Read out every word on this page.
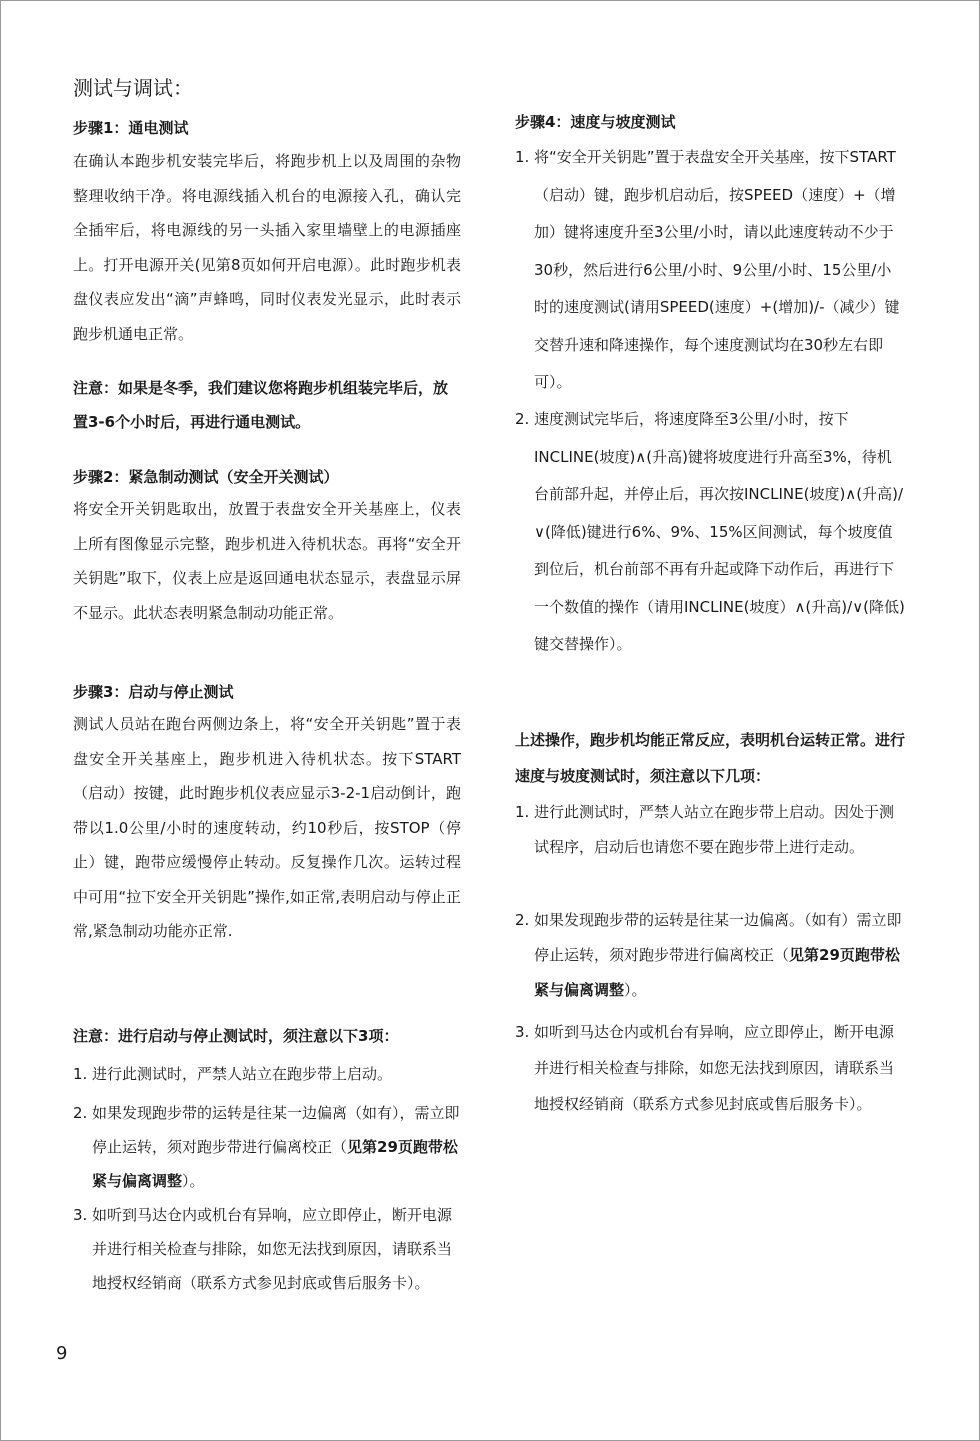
测试与调试：
步骤1：通电测试

在确认本跑步机安装完毕后，将跑步机上以及周围的杂物整理收纳干净。将电源线插入机台的电源接入孔，确认完全插牢后，将电源线的另一头插入家里墙壁上的电源插座上。打开电源开关(见第8页如何开启电源）。此时跑步机表盘仪表应发出“滴”声蜂鸣，同时仪表发光显示，此时表示跑步机通电正常。

注意：如果是冬季，我们建议您将跑步机组装完毕后，放置3-6个小时后，再进行通电测试。

步骤2：紧急制动测试（安全开关测试）

将安全开关钥匙取出，放置于表盘安全开关基座上，仪表上所有图像显示完整，跑步机进入待机状态。再将“安全开关钥匙”取下，仪表上应是返回通电状态显示，表盘显示屏不显示。此状态表明紧急制动功能正常。

步骤3：启动与停止测试

测试人员站在跑台两侧边条上，将“安全开关钥匙”置于表盘安全开关基座上，跑步机进入待机状态。按下START（启动）按键，此时跑步机仪表应显示3-2-1启动倒计，跑带以1.0公里/小时的速度转动，约10秒后，按STOP（停止）键，跑带应缓慢停止转动。反复操作几次。运转过程中可用“拉下安全开关钥匙”操作,如正常,表明启动与停止正常,紧急制动功能亦正常.

注意：进行启动与停止测试时，须注意以下3项：
1. 进行此测试时，严禁人站立在跑步带上启动。
2. 如果发现跑步带的运转是往某一边偏离（如有），需立即停止运转，须对跑步带进行偏离校正（见第29页跑带松紧与偏离调整）。
3. 如听到马达仓内或机台有异响，应立即停止，断开电源并进行相关检查与排除，如您无法找到原因，请联系当地授权经销商（联系方式参见封底或售后服务卡）。
步骤4：速度与坡度测试
1. 将“安全开关钥匙”置于表盘安全开关基座，按下START（启动）键，跑步机启动后，按SPEED（速度）+（增加）键将速度升至3公里/小时，请以此速度转动不少于30秒，然后进行6公里/小时、9公里/小时、15公里/小时的速度测试(请用SPEED(速度）+(增加)/-（减少）键交替升速和降速操作，每个速度测试均在30秒左右即可）。
2. 速度测试完毕后，将速度降至3公里/小时，按下INCLINE(坡度)∧(升高)键将坡度进行升高至3%，待机台前部升起，并停止后，再次按INCLINE(坡度)∧(升高)/∨(降低)键进行6%、9%、15%区间测试，每个坡度值到位后，机台前部不再有升起或降下动作后，再进行下一个数值的操作（请用INCLINE(坡度）∧(升高)/∨(降低)键交替操作）。

上述操作，跑步机均能正常反应，表明机台运转正常。进行速度与坡度测试时，须注意以下几项：

1. 进行此测试时，严禁人站立在跑步带上启动。因处于测试程序，启动后也请您不要在跑步带上进行走动。
2. 如果发现跑步带的运转是往某一边偏离。（如有）需立即停止运转，须对跑步带进行偏离校正（见第29页跑带松紧与偏离调整）。
3. 如听到马达仓内或机台有异响，应立即停止，断开电源并进行相关检查与排除，如您无法找到原因，请联系当地授权经销商（联系方式参见封底或售后服务卡）。
9
